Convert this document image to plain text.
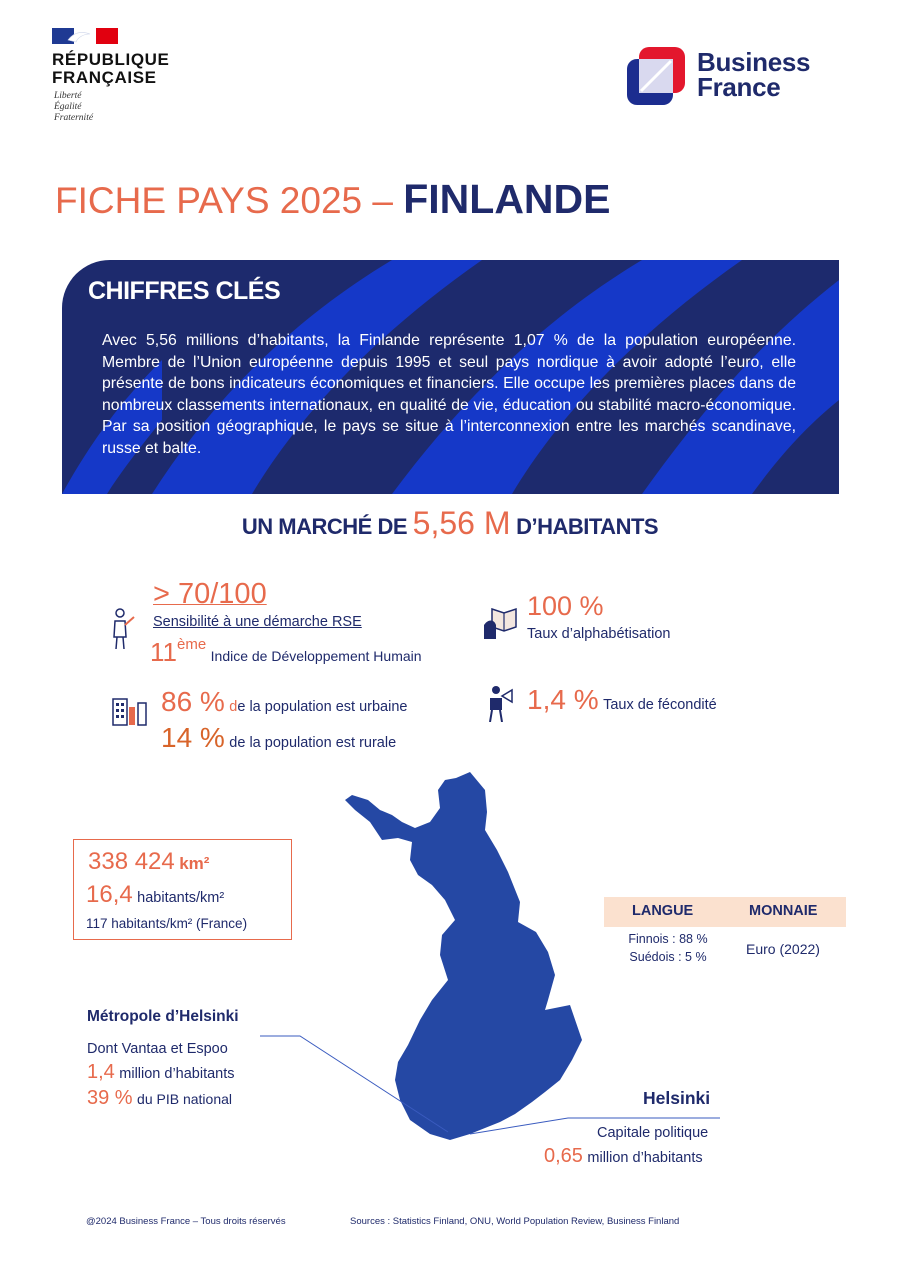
RÉPUBLIQUE
FRANÇAISE
Liberté
Égalité
Fraternité
Business
France
FICHE PAYS 2025 – FINLANDE
CHIFFRES CLÉS
Avec 5,56 millions d’habitants, la Finlande représente 1,07 % de la population européenne. Membre de l’Union européenne depuis 1995 et seul pays nordique à avoir adopté l’euro, elle présente de bons indicateurs économiques et financiers. Elle occupe les premières places dans de nombreux classements internationaux, en qualité de vie, éducation ou stabilité macro-économique. Par sa position géographique, le pays se situe à l’interconnexion entre les marchés scandinave, russe et balte.
UN MARCHÉ DE 5,56 M D’HABITANTS
> 70/100
Sensibilité à une démarche RSE
11ème Indice de Développement Humain
100 %
Taux d’alphabétisation
86 % de la population est urbaine
14 % de la population est rurale
1,4 % Taux de fécondité
338 424 km²
16,4 habitants/km²
117 habitants/km² (France)
LANGUE	MONNAIE
Finnois : 88 %
Suédois : 5 %	Euro (2022)
Métropole d’Helsinki
Dont Vantaa et Espoo
1,4 million d’habitants
39 % du PIB national	Helsinki
Capitale politique
0,65 million d’habitants
@2024 Business France – Tous droits réservés	Sources : Statistics Finland, ONU, World Population Review, Business Finland
